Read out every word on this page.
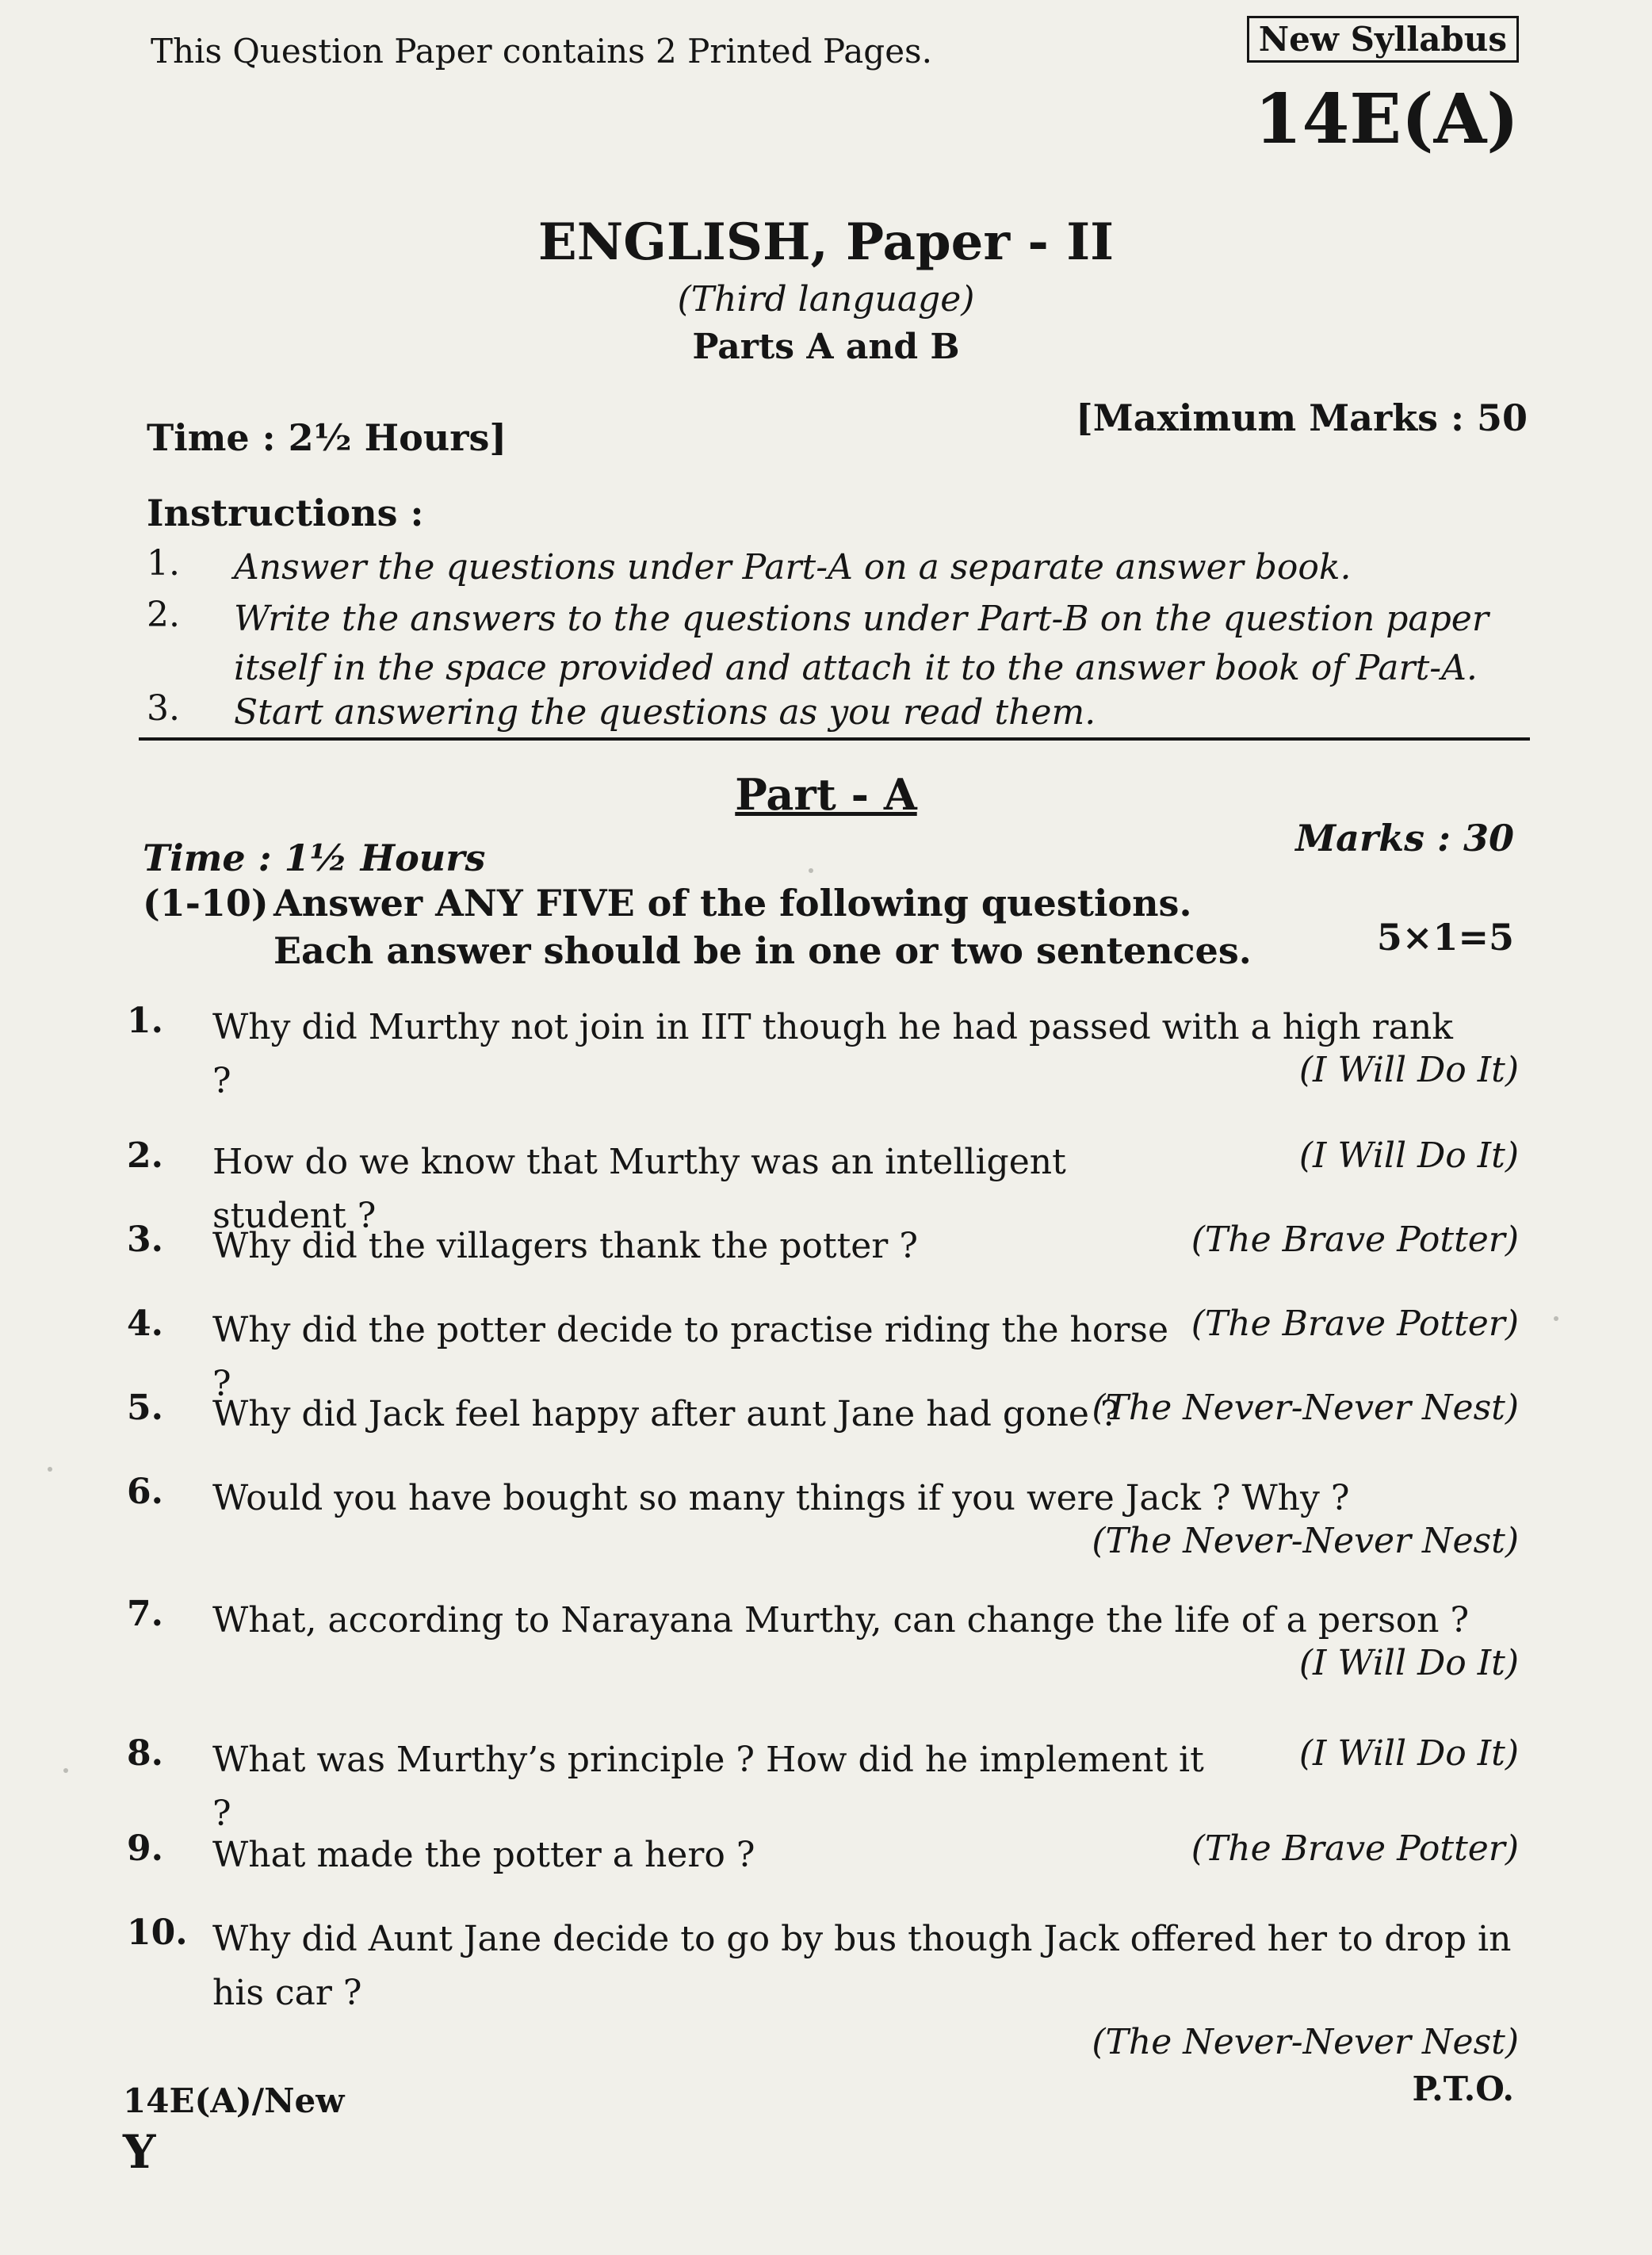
This Question Paper contains 2 Printed Pages.	New Syllabus
14E(A)
ENGLISH, Paper - II
(Third language)
Parts A and B
Time : 2½ Hours]	[Maximum Marks : 50
Instructions :
1. Answer the questions under Part-A on a separate answer book.
2. Write the answers to the questions under Part-B on the question paper itself in the space provided and attach it to the answer book of Part-A.
3. Start answering the questions as you read them.
Part - A
Time : 1½ Hours	Marks : 30
(1-10) Answer ANY FIVE of the following questions.
Each answer should be in one or two sentences.	5×1=5
1. Why did Murthy not join in IIT though he had passed with a high rank ?	(I Will Do It)
2. How do we know that Murthy was an intelligent student ?
(I Will Do It)
3. Why did the villagers thank the potter ?	(The Brave Potter)
4. Why did the potter decide to practise riding the horse ?
(The Brave Potter)
5. Why did Jack feel happy after aunt Jane had gone ?
(The Never-Never Nest)
6. Would you have bought so many things if you were Jack ? Why ?
(The Never-Never Nest)
7. What, according to Narayana Murthy, can change the life of a person ?
(I Will Do It)
8. What was Murthy’s principle ? How did he implement it ?
(I Will Do It)
9. What made the potter a hero ?	(The Brave Potter)
10. Why did Aunt Jane decide to go by bus though Jack offered her to drop in his car ?
(The Never-Never Nest)
14E(A)/New
Y
P.T.O.
